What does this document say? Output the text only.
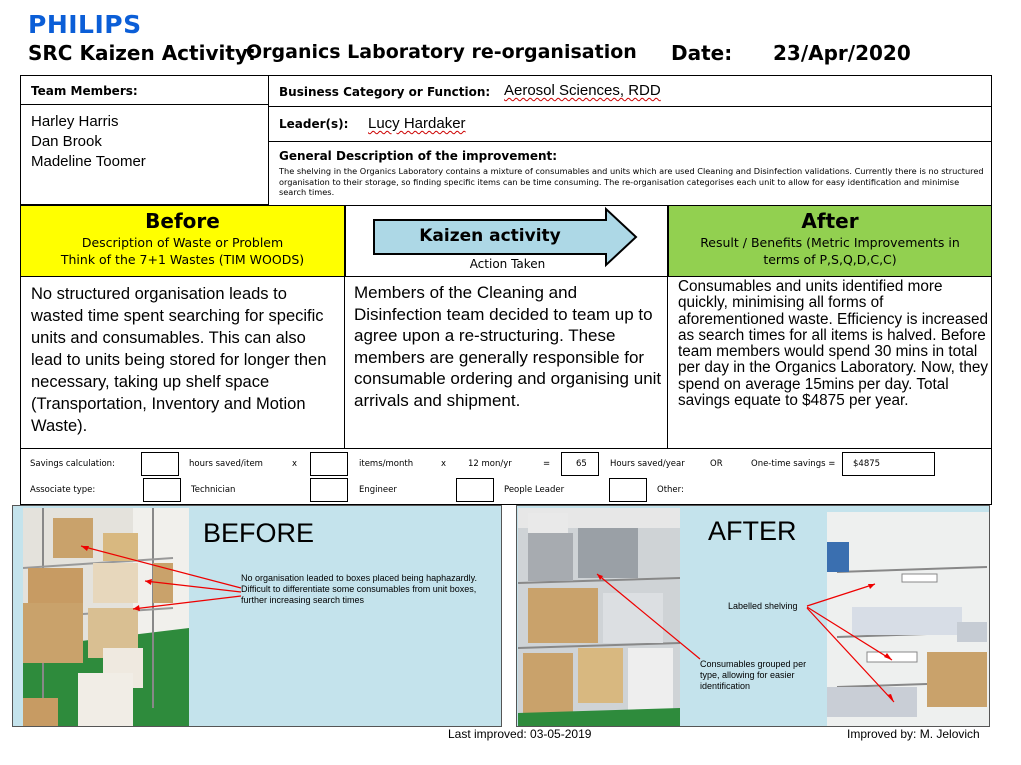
PHILIPS
SRC Kaizen Activity:
Organics Laboratory re-organisation Date: 23/Apr/2020
Team Members:
Harley Harris
Dan Brook
Madeline Toomer
Business Category or Function: Aerosol Sciences, RDD
Leader(s): Lucy Hardaker
General Description of the improvement:
The shelving in the Organics Laboratory contains a mixture of consumables and units which are used Cleaning and Disinfection validations. Currently there is no structured organisation to their storage, so finding specific items can be time consuming. The re-organisation categorises each unit to allow for easy identification and minimise search times.
Before
Description of Waste or Problem
Think of the 7+1 Wastes (TIM WOODS)
Kaizen activity
Action Taken
After
Result / Benefits (Metric Improvements in
terms of P,S,Q,D,C,C)
No structured organisation leads to wasted time spent searching for specific units and consumables. This can also lead to units being stored for longer then necessary, taking up shelf space (Transportation, Inventory and Motion Waste).
Members of the Cleaning and Disinfection team decided to team up to agree upon a re-structuring. These members are generally responsible for consumable ordering and organising unit arrivals and shipment.
Consumables and units identified more quickly, minimising all forms of aforementioned waste. Efficiency is increased as search times for all items is halved. Before team members would spend 30 mins in total per day in the Organics Laboratory. Now, they spend on average 15mins per day. Total savings equate to $4875 per year.
Savings calculation:	hours saved/item	x	items/month	x	12 mon/yr	=	65	Hours saved/year	OR	One-time savings = $4875
Associate type:	Technician	Engineer	People Leader	Other:
BEFORE
No organisation leaded to boxes placed being haphazardly. Difficult to differentiate some consumables from unit boxes, further increasing search times
AFTER
Labelled shelving
Consumables grouped per type, allowing for easier identification
Last improved: 03-05-2019	Improved by: M. Jelovich
